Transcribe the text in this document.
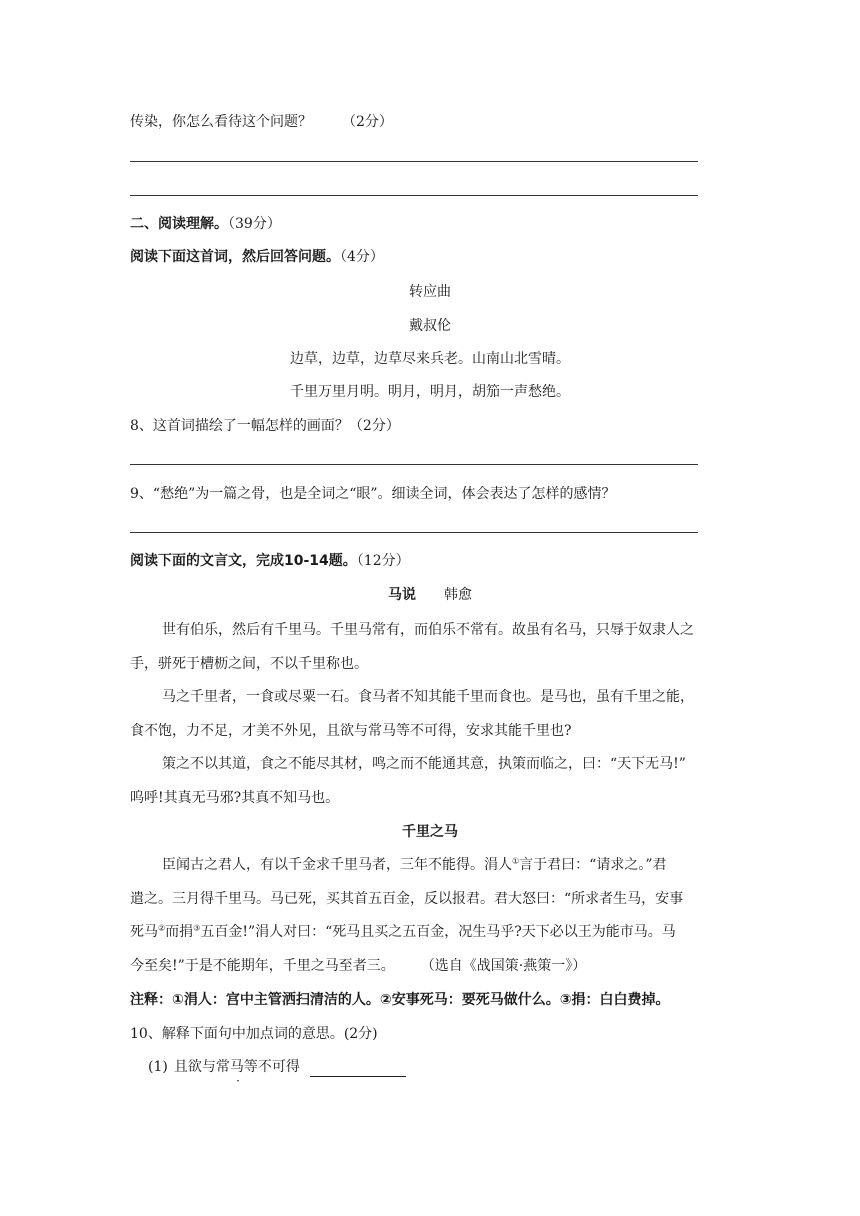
传染，你怎么看待这个问题？ （2分）
二、阅读理解。（39分）
阅读下面这首词，然后回答问题。（4分）
转应曲
戴叔伦
边草，边草，边草尽来兵老。山南山北雪晴。
千里万里月明。明月，明月，胡笳一声愁绝。
8、这首词描绘了一幅怎样的画面？（2分）
9、“愁绝”为一篇之骨，也是全词之“眼”。细读全词，体会表达了怎样的感情？
阅读下面的文言文，完成10-14题。（12分）
马说 韩愈
世有伯乐，然后有千里马。千里马常有，而伯乐不常有。故虽有名马，只辱于奴隶人之
手，骈死于槽枥之间，不以千里称也。
马之千里者，一食或尽粟一石。食马者不知其能千里而食也。是马也，虽有千里之能，
食不饱，力不足，才美不外见，且欲与常马等不可得，安求其能千里也?
策之不以其道，食之不能尽其材，鸣之而不能通其意，执策而临之，曰：“天下无马!”
呜呼!其真无马邪?其真不知马也。
千里之马
臣闻古之君人，有以千金求千里马者，三年不能得。涓人①言于君曰：“请求之。”君
遣之。三月得千里马。马已死，买其首五百金，反以报君。君大怒曰：“所求者生马，安事
死马②而捐③五百金!”涓人对曰：“死马且买之五百金，况生马乎?天下必以王为能市马。马
今至矣!”于是不能期年，千里之马至者三。 （选自《战国策·燕策一》）
注释：①涓人：宫中主管洒扫清洁的人。②安事死马：要死马做什么。③捐：白白费掉。
10、解释下面句中加点词的意思。(2分)
(1) 且欲与常马等不可得
